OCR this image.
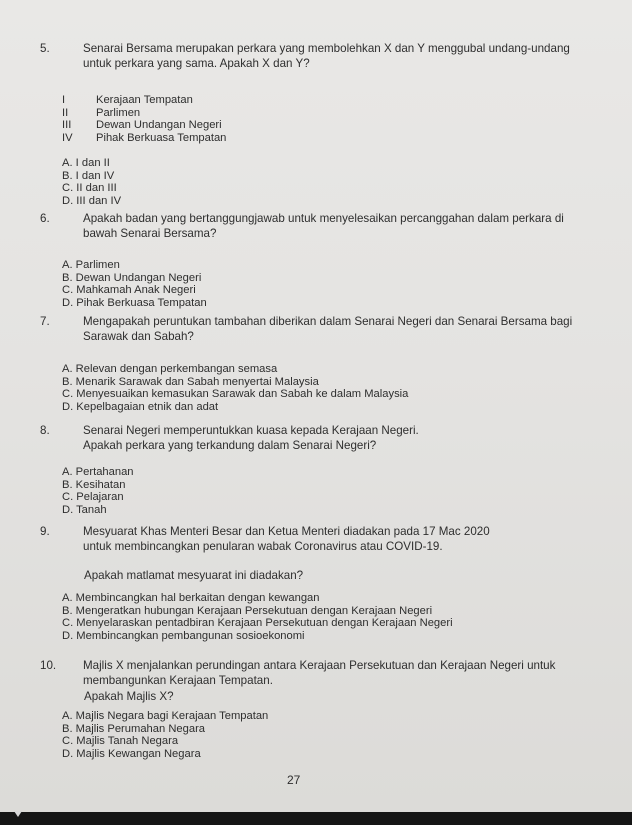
5.	Senarai Bersama merupakan perkara yang membolehkan X dan Y menggubal undang-undang
untuk perkara yang sama. Apakah X dan Y?
I	Kerajaan Tempatan
II Parlimen
III Dewan Undangan Negeri
IV Pihak Berkuasa Tempatan
A. I dan II
B. I dan IV
C. II dan III
D. III dan IV
6.	Apakah badan yang bertanggungjawab untuk menyelesaikan percanggahan dalam perkara di
bawah Senarai Bersama?
A. Parlimen
B. Dewan Undangan Negeri
C. Mahkamah Anak Negeri
D. Pihak Berkuasa Tempatan
7.	Mengapakah peruntukan tambahan diberikan dalam Senarai Negeri dan Senarai Bersama bagi
Sarawak dan Sabah?
A. Relevan dengan perkembangan semasa
B. Menarik Sarawak dan Sabah menyertai Malaysia
C. Menyesuaikan kemasukan Sarawak dan Sabah ke dalam Malaysia
D. Kepelbagaian etnik dan adat
8.	Senarai Negeri memperuntukkan kuasa kepada Kerajaan Negeri.
Apakah perkara yang terkandung dalam Senarai Negeri?
A. Pertahanan
B. Kesihatan
C. Pelajaran
D. Tanah
9.	Mesyuarat Khas Menteri Besar dan Ketua Menteri diadakan pada 17 Mac 2020
untuk membincangkan penularan wabak Coronavirus atau COVID-19.
Apakah matlamat mesyuarat ini diadakan?
A. Membincangkan hal berkaitan dengan kewangan
B. Mengeratkan hubungan Kerajaan Persekutuan dengan Kerajaan Negeri
C. Menyelaraskan pentadbiran Kerajaan Persekutuan dengan Kerajaan Negeri
D. Membincangkan pembangunan sosioekonomi
10. Majlis X menjalankan perundingan antara Kerajaan Persekutuan dan Kerajaan Negeri untuk
membangunkan Kerajaan Tempatan.
Apakah Majlis X?
A. Majlis Negara bagi Kerajaan Tempatan
B. Majlis Perumahan Negara
C. Majlis Tanah Negara
D. Majlis Kewangan Negara
27
